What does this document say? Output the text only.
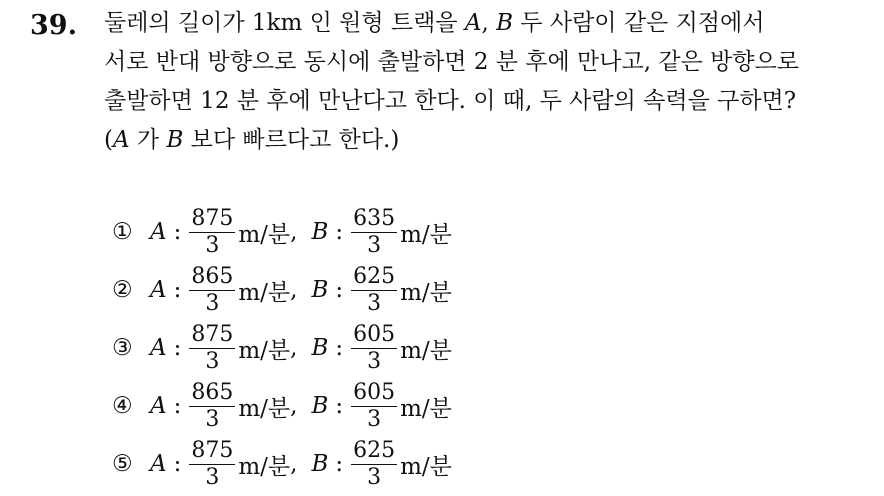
39. 둘레의 길이가 1km 인 원형 트랙을 A, B 두 사람이 같은 지점에서
서로 반대 방향으로 동시에 출발하면 2 분 후에 만나고, 같은 방향으로
출발하면 12 분 후에 만난다고 한다. 이 때, 두 사람의 속력을 구하면?
(A 가 B 보다 빠르다고 한다.)
① A : $\frac{875}{3} m/$분 , B : $\frac{635}{3} m/$분
② A : $\frac{865}{3} m/$분 , B : $\frac{625}{3} m/$분
③ A : $\frac{875}{3} m/$분 , B : $\frac{605}{3} m/$분
④ A : $\frac{865}{3} m/$분 , B : $\frac{605}{3} m/$분
⑤ A : $\frac{875}{3} m/$분 , B : $\frac{625}{3} m/$분
